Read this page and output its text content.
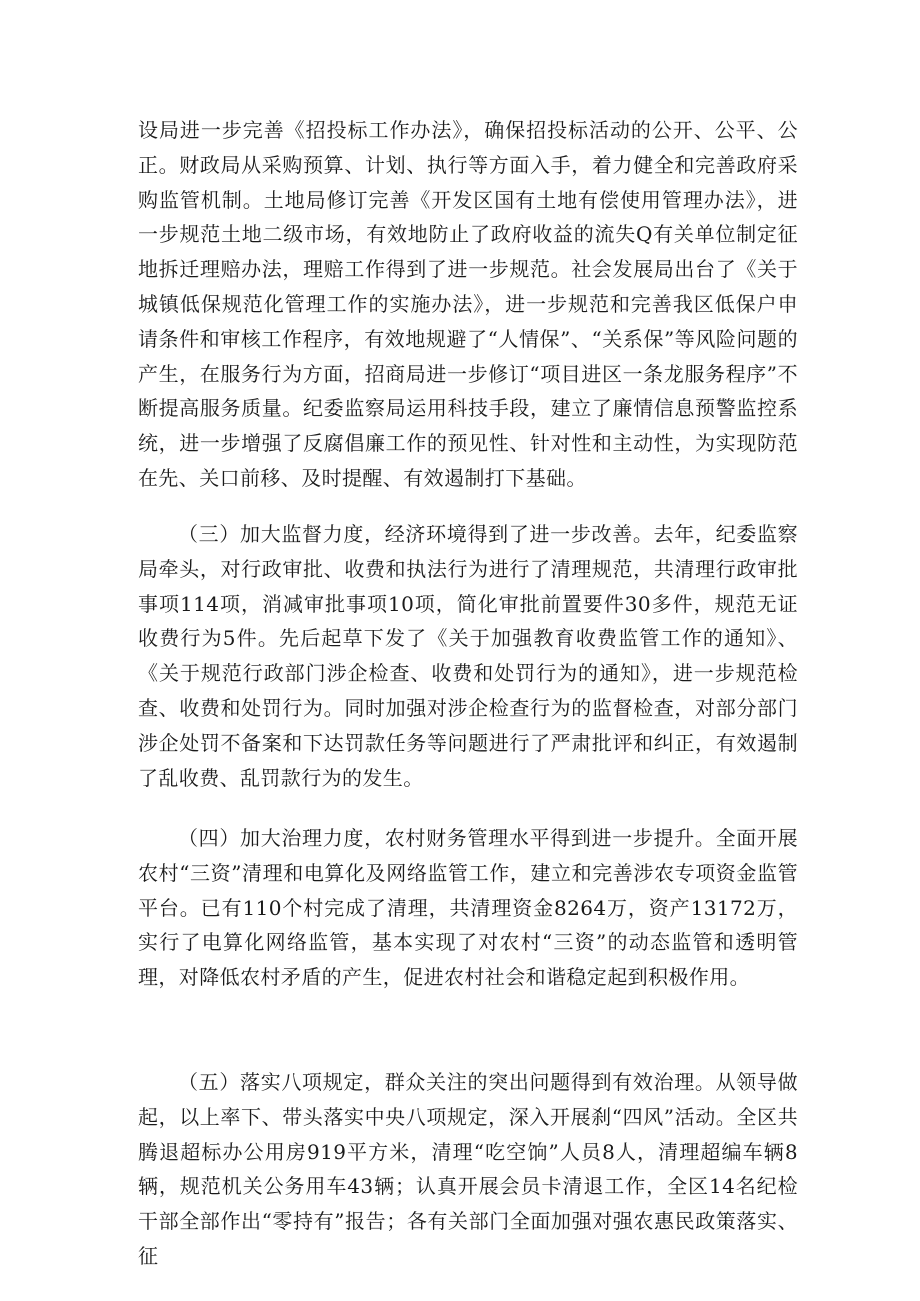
设局进一步完善《招投标工作办法》，确保招投标活动的公开、公平、公正。财政局从采购预算、计划、执行等方面入手，着力健全和完善政府采购监管机制。土地局修订完善《开发区国有土地有偿使用管理办法》，进一步规范土地二级市场，有效地防止了政府收益的流失Q有关单位制定征地拆迁理赔办法，理赔工作得到了进一步规范。社会发展局出台了《关于城镇低保规范化管理工作的实施办法》，进一步规范和完善我区低保户申请条件和审核工作程序，有效地规避了“人情保”、“关系保”等风险问题的产生，在服务行为方面，招商局进一步修订“项目进区一条龙服务程序”不断提高服务质量。纪委监察局运用科技手段，建立了廉情信息预警监控系统，进一步增强了反腐倡廉工作的预见性、针对性和主动性，为实现防范在先、关口前移、及时提醒、有效遏制打下基础。

（三）加大监督力度，经济环境得到了进一步改善。去年，纪委监察局牵头，对行政审批、收费和执法行为进行了清理规范，共清理行政审批事项114项，消减审批事项10项，简化审批前置要件30多件，规范无证收费行为5件。先后起草下发了《关于加强教育收费监管工作的通知》、《关于规范行政部门涉企检查、收费和处罚行为的通知》，进一步规范检查、收费和处罚行为。同时加强对涉企检查行为的监督检查，对部分部门涉企处罚不备案和下达罚款任务等问题进行了严肃批评和纠正，有效遏制了乱收费、乱罚款行为的发生。

（四）加大治理力度，农村财务管理水平得到进一步提升。全面开展农村“三资”清理和电算化及网络监管工作，建立和完善涉农专项资金监管平台。已有110个村完成了清理，共清理资金8264万，资产13172万，实行了电算化网络监管，基本实现了对农村“三资”的动态监管和透明管理，对降低农村矛盾的产生，促进农村社会和谐稳定起到积极作用。

（五）落实八项规定，群众关注的突出问题得到有效治理。从领导做起，以上率下、带头落实中央八项规定，深入开展刹“四风”活动。全区共腾退超标办公用房919平方米，清理“吃空饷”人员8人，清理超编车辆8辆，规范机关公务用车43辆；认真开展会员卡清退工作，全区14名纪检干部全部作出“零持有”报告；各有关部门全面加强对强农惠民政策落实、征
